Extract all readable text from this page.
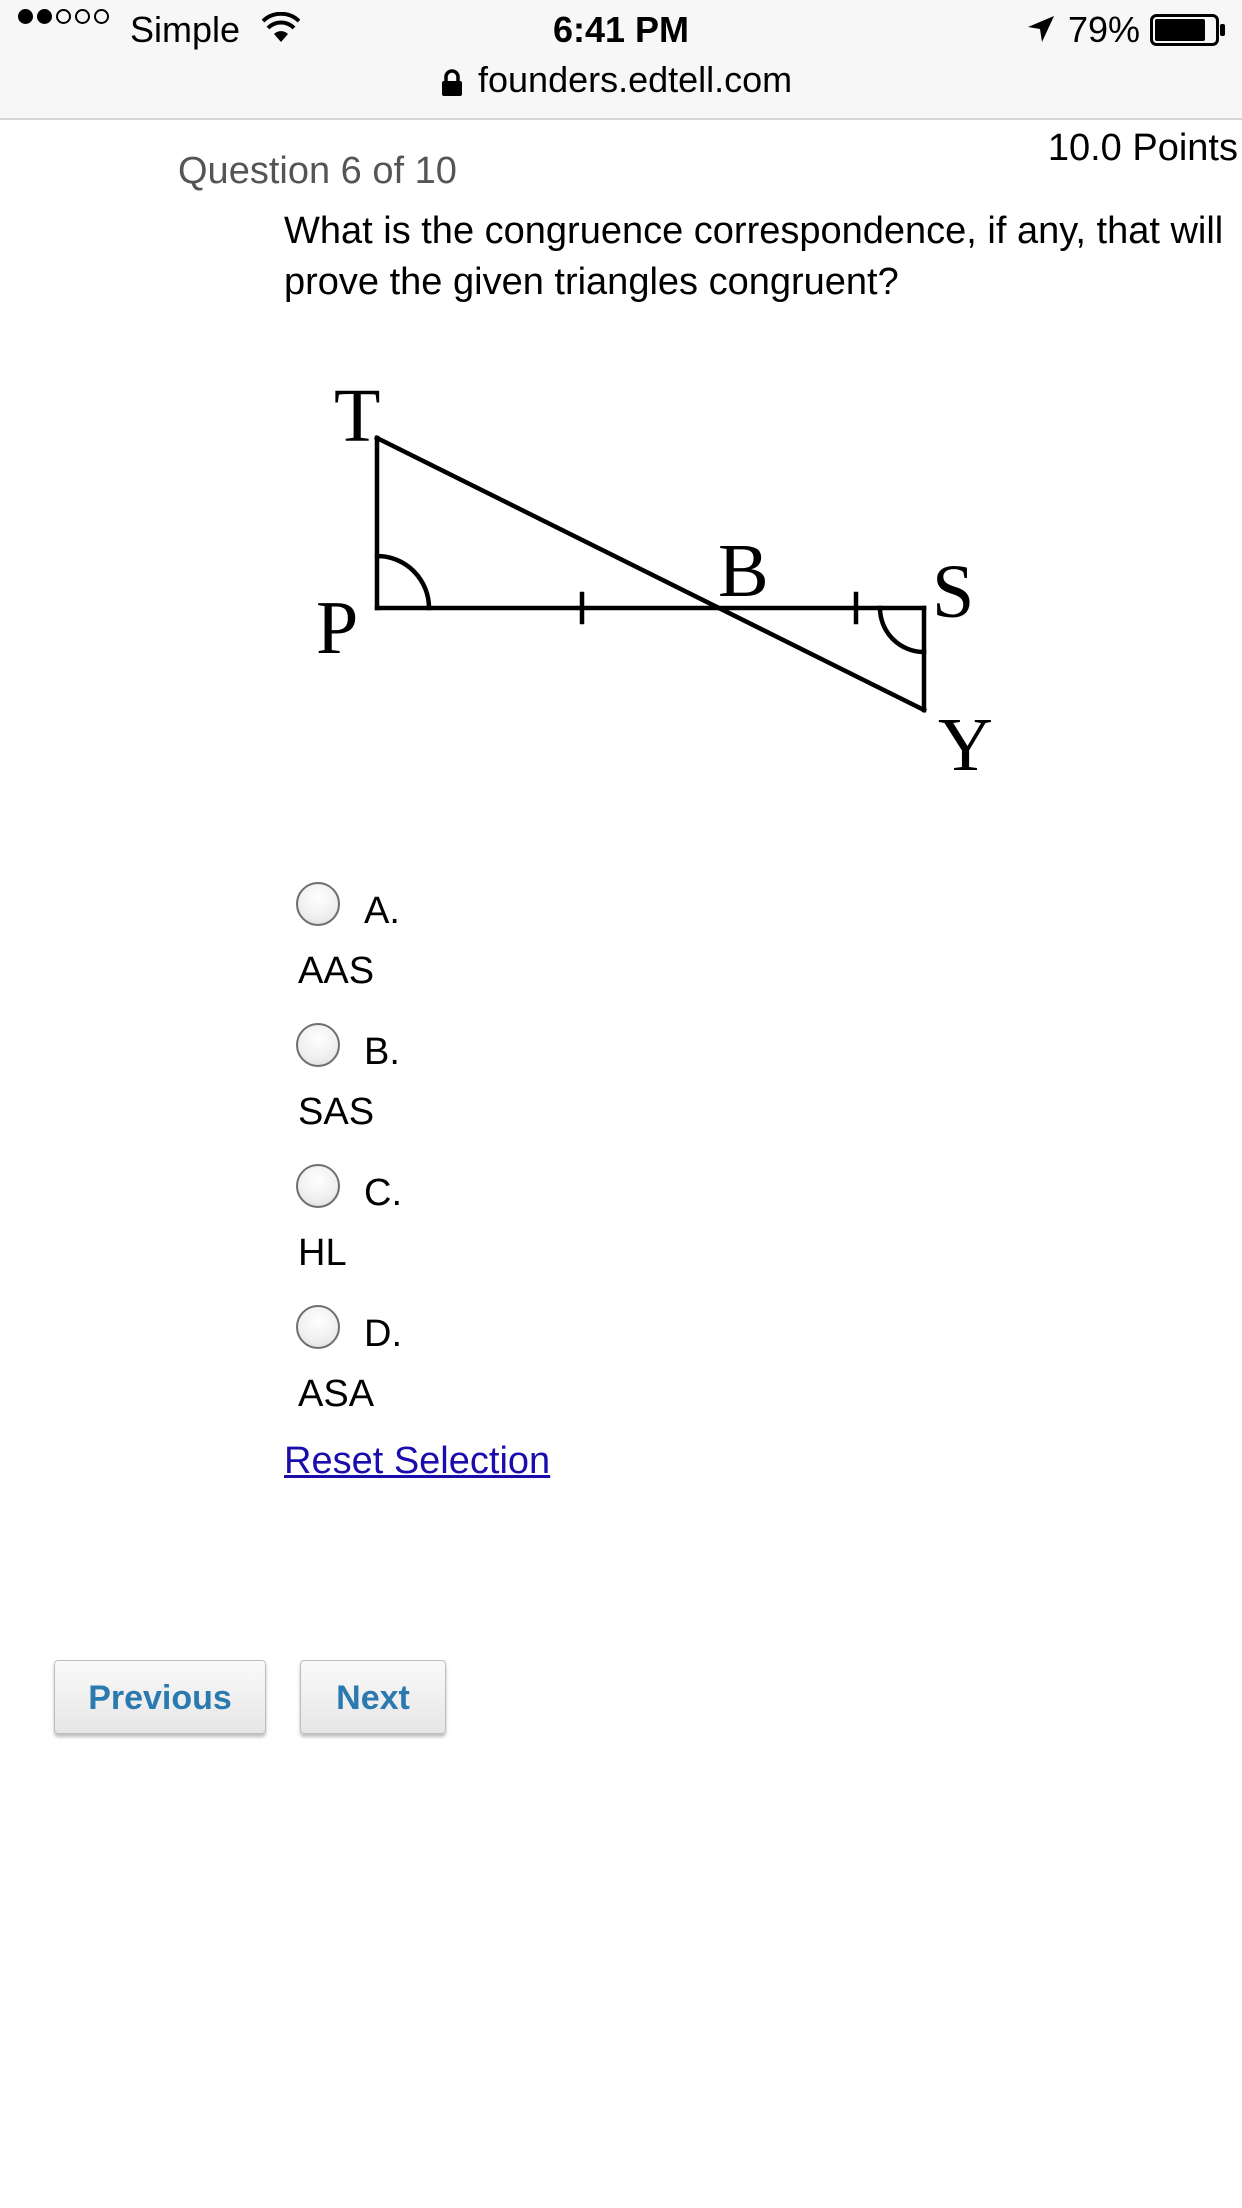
Simple	6:41 PM	79%
founders.edtell.com
10.0 Points
Question 6 of 10
What is the congruence correspondence, if any, that will prove the given triangles congruent?
T
P
B S
Y
A.
AAS
B.
SAS
C.
HL
D.
ASA
Reset Selection
Previous	Next
